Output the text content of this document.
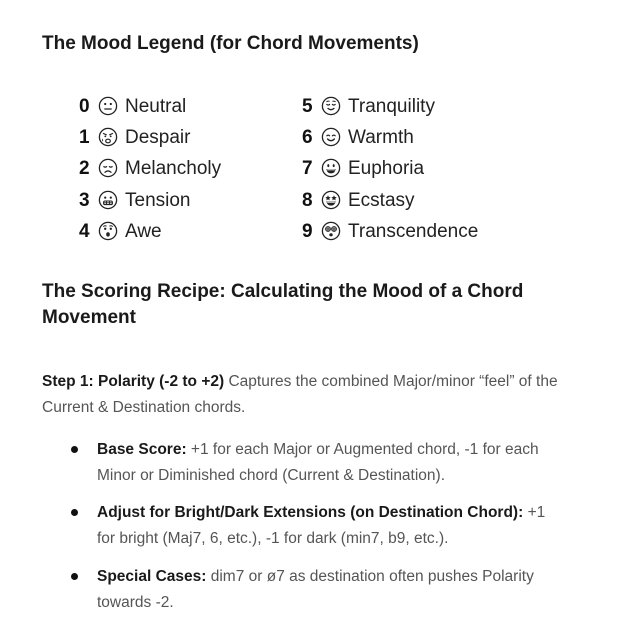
The Mood Legend (for Chord Movements)
0 Neutral
1 Despair
2 Melancholy
3 Tension
4 Awe
5 Tranquility
6 Warmth
7 Euphoria
8 Ecstasy
9 Transcendence
The Scoring Recipe: Calculating the Mood of a Chord Movement

Step 1: Polarity (-2 to +2) Captures the combined Major/minor “feel” of the Current & Destination chords.

Base Score: +1 for each Major or Augmented chord, -1 for each Minor or Diminished chord (Current & Destination).

Adjust for Bright/Dark Extensions (on Destination Chord): +1 for bright (Maj7, 6, etc.), -1 for dark (min7, b9, etc.).

Special Cases: dim7 or ø7 as destination often pushes Polarity towards -2.
